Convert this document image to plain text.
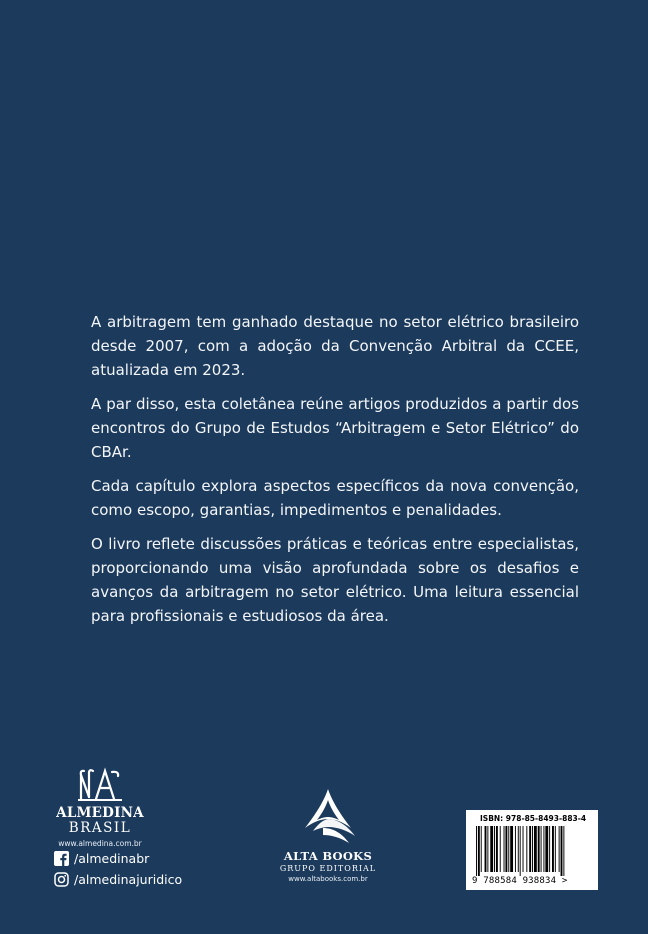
A arbitragem tem ganhado destaque no setor elétrico brasileiro desde 2007, com a adoção da Convenção Arbitral da CCEE, atualizada em 2023.

A par disso, esta coletânea reúne artigos produzidos a partir dos encontros do Grupo de Estudos “Arbitragem e Setor Elétrico” do CBAr.

Cada capítulo explora aspectos específicos da nova convenção, como escopo, garantias, impedimentos e penalidades.

O livro reflete discussões práticas e teóricas entre especialistas, proporcionando uma visão aprofundada sobre os desafios e avanços da arbitragem no setor elétrico. Uma leitura essencial para profissionais e estudiosos da área.

ALMEDINA
BRASIL
www.almedina.com.br
/almedinabr
/almedinajuridico
ALTA BOOKS
GRUPO EDITORIAL
www.altabooks.com.br
ISBN: 978-85-8493-883-4
9 788584 938834 >
